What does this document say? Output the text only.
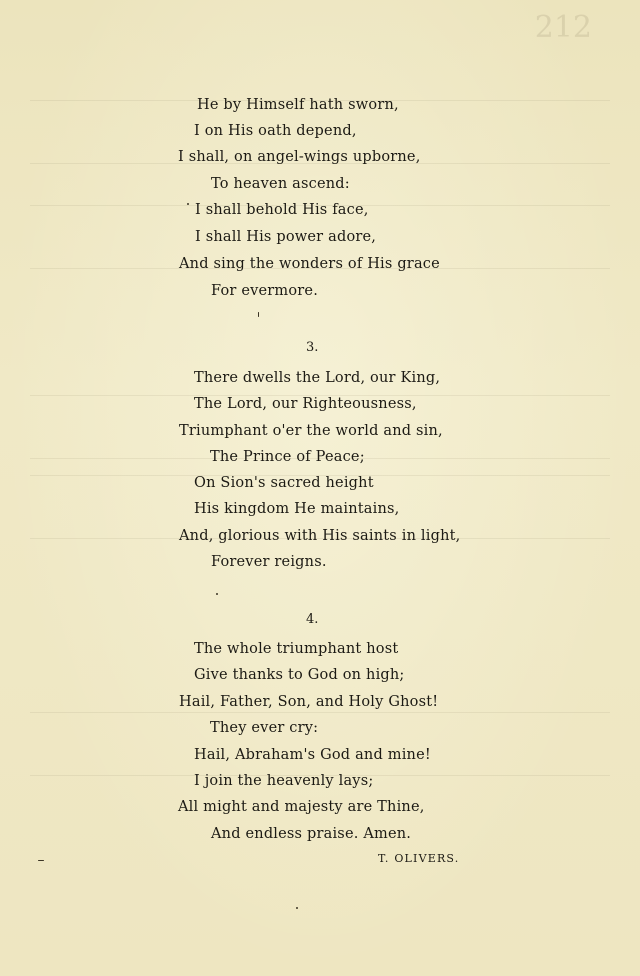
212
He by Himself hath sworn,
I on His oath depend,
I shall, on angel-wings upborne,
To heaven ascend:
I shall behold His face,
I shall His power adore,
And sing the wonders of His grace
For evermore.
3.
There dwells the Lord, our King,
The Lord, our Righteousness,
Triumphant o'er the world and sin,
The Prince of Peace;
On Sion's sacred height
His kingdom He maintains,
And, glorious with His saints in light,
Forever reigns.
4.
The whole triumphant host
Give thanks to God on high;
Hail, Father, Son, and Holy Ghost!
They ever cry:
Hail, Abraham's God and mine!
I join the heavenly lays;
All might and majesty are Thine,
And endless praise. Amen.
T. OLIVERS.
